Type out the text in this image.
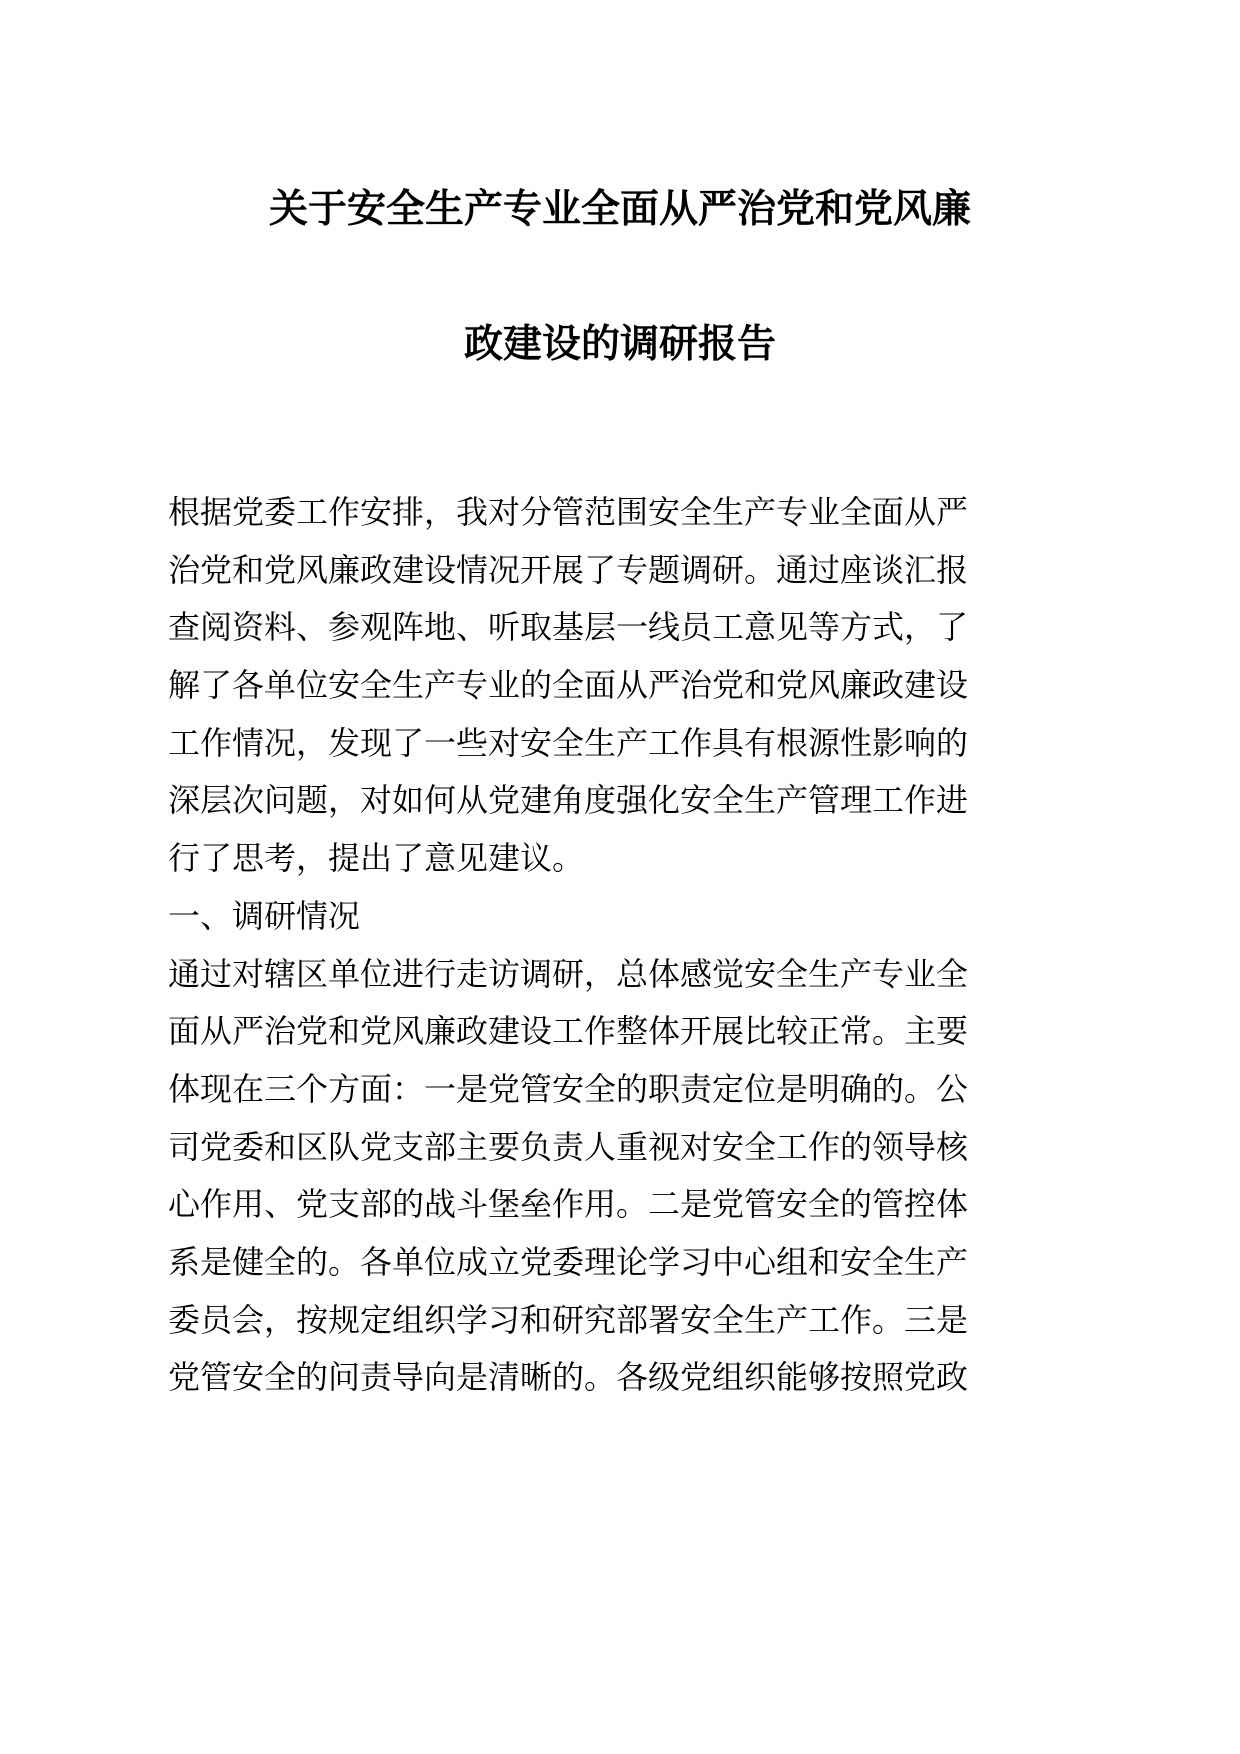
关于安全生产专业全面从严治党和党风廉
政建设的调研报告
根据党委工作安排，我对分管范围安全生产专业全面从严
治党和党风廉政建设情况开展了专题调研。通过座谈汇报
查阅资料、参观阵地、听取基层一线员工意见等方式，了
解了各单位安全生产专业的全面从严治党和党风廉政建设
工作情况，发现了一些对安全生产工作具有根源性影响的
深层次问题，对如何从党建角度强化安全生产管理工作进
行了思考，提出了意见建议。
一、调研情况
通过对辖区单位进行走访调研，总体感觉安全生产专业全
面从严治党和党风廉政建设工作整体开展比较正常。主要
体现在三个方面：一是党管安全的职责定位是明确的。公
司党委和区队党支部主要负责人重视对安全工作的领导核
心作用、党支部的战斗堡垒作用。二是党管安全的管控体
系是健全的。各单位成立党委理论学习中心组和安全生产
委员会，按规定组织学习和研究部署安全生产工作。三是
党管安全的问责导向是清晰的。各级党组织能够按照党政
